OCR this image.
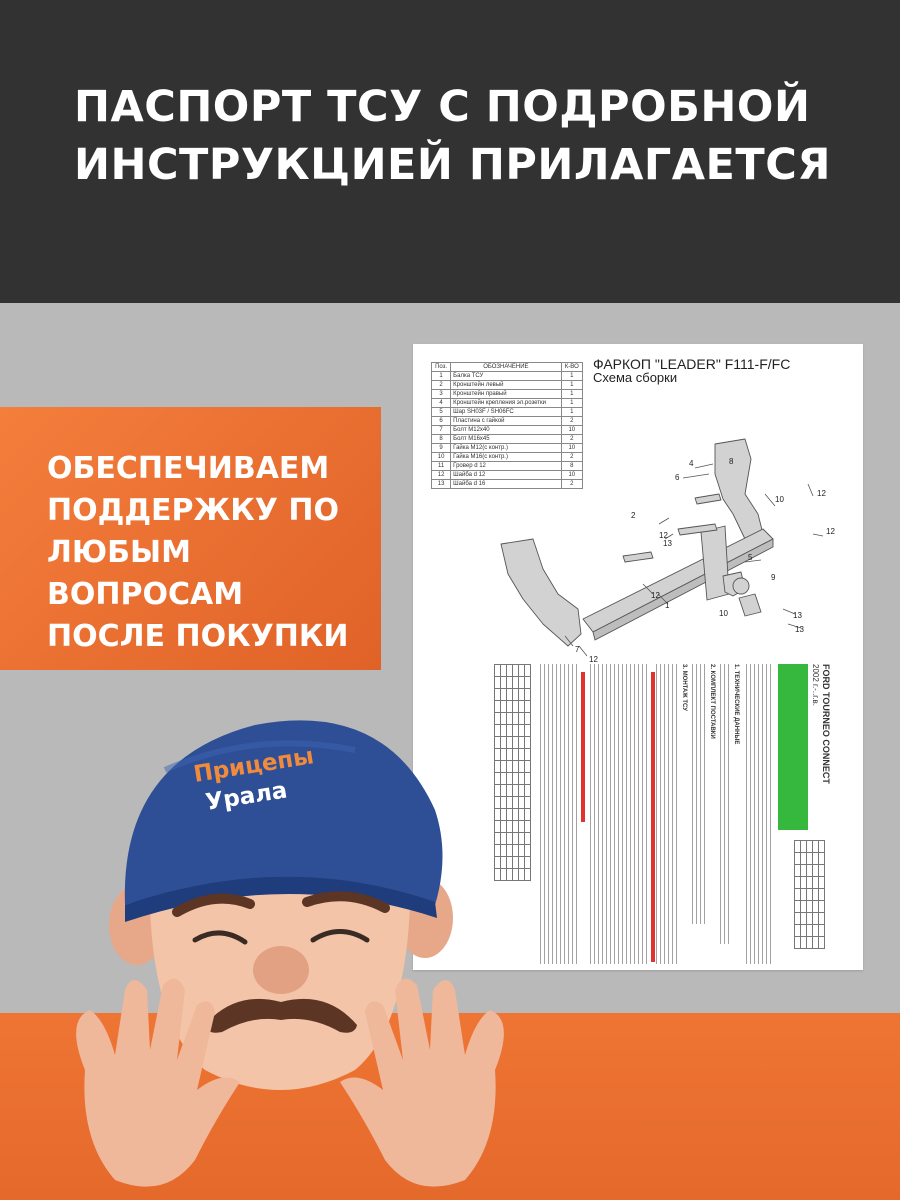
ПАСПОРТ ТСУ С ПОДРОБНОЙ
ИНСТРУКЦИЕЙ ПРИЛАГАЕТСЯ
ОБЕСПЕЧИВАЕМ
ПОДДЕРЖКУ ПО
ЛЮБЫМ
ВОПРОСАМ
ПОСЛЕ ПОКУПКИ
Поз.	ОБОЗНАЧЕНИЕ	К-ВО
1	Балка ТСУ	1
2	Кронштейн левый	1
3	Кронштейн правый	1
4	Кронштейн крепления эл.розетки	1
5	Шар SH03F / SH06FC	1
6	Пластина с гайкой	2
7	Болт M12x40	10
8	Болт M16x45	2
9	Гайка M12(с контр.)	10
10	Гайка M16(с контр.)	2
11	Гровер d 12	8
12	Шайба d 12	10
13	Шайба d 16	2
ФАРКОП "LEADER" F111-F/FC
Схема сборки
4
6
8
10
12
12
5
12
1
7
12
13
13
2
12
10
9
13
FORD TOURNEO CONNECT
2002 г.-..г.в.

1. ТЕХНИЧЕСКИЕ ДАННЫЕ
2. КОМПЛЕКТ ПОСТАВКИ
3. МОНТАЖ ТСУ

Прицепы
Урала
